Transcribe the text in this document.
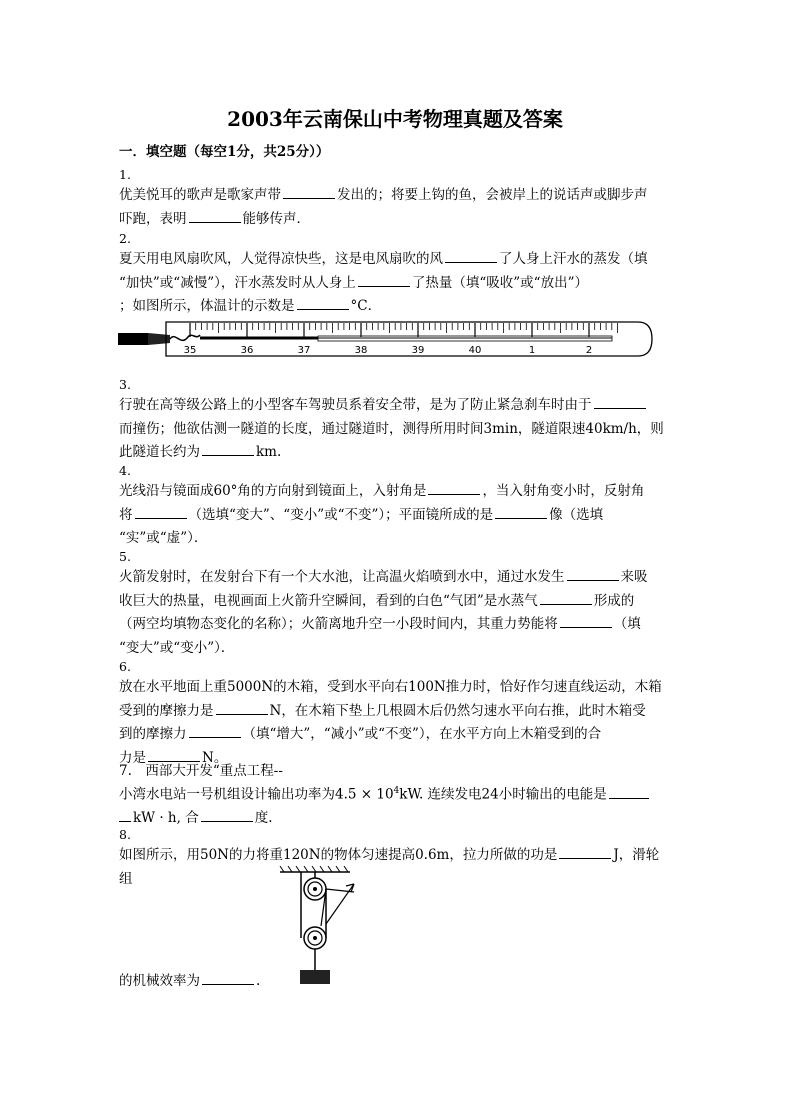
2003年云南保山中考物理真题及答案
一．填空题（每空1分，共25分））
1.

优美悦耳的歌声是歌家声带	发出的；将要上钩的鱼，会被岸上的说话声或脚步声

吓跑，表明	能够传声．

2.

夏天用电风扇吹风，人觉得凉快些，这是电风扇吹的风	了人身上汗水的蒸发（填

“加快”或“减慢”），汗水蒸发时从人身上	了热量（填“吸收”或“放出”）

；如图所示，体温计的示数是	°C．

35	36	37	38	39	40	1	2
3.

行驶在高等级公路上的小型客车驾驶员系着安全带，是为了防止紧急刹车时由于

而撞伤；他欲估测一隧道的长度，通过隧道时，测得所用时间3min，隧道限速40km/h，则

此隧道长约为	km.

4.

光线沿与镜面成60°角的方向射到镜面上，入射角是	，当入射角变小时，反射角

将	（选填“变大”、“变小”或“不变”）；平面镜所成的是	像（选填

“实”或“虚”）．

5.

火箭发射时，在发射台下有一个大水池，让高温火焰喷到水中，通过水发生	来吸

收巨大的热量，电视画面上火箭升空瞬间，看到的白色“气团”是水蒸气	形成的

（两空均填物态变化的名称）；火箭离地升空一小段时间内，其重力势能将	（填

“变大”或“变小”）．

6.

放在水平地面上重5000N的木箱，受到水平向右100N推力时，恰好作匀速直线运动，木箱

受到的摩擦力是	N，在木箱下垫上几根圆木后仍然匀速水平向右推，此时木箱受

到的摩擦力	（填“增大”，“减小”或“不变”），在水平方向上木箱受到的合

力是	N。

7.　西部大开发“重点工程--

小湾水电站一号机组设计输出功率为$4.5 \times 10^4kW$. 连续发电24小时输出的电能是

kW · h, 合	度.

8.

如图所示，用50N的力将重120N的物体匀速提高0.6m，拉力所做的功是	J，滑轮组

的机械效率为	.
